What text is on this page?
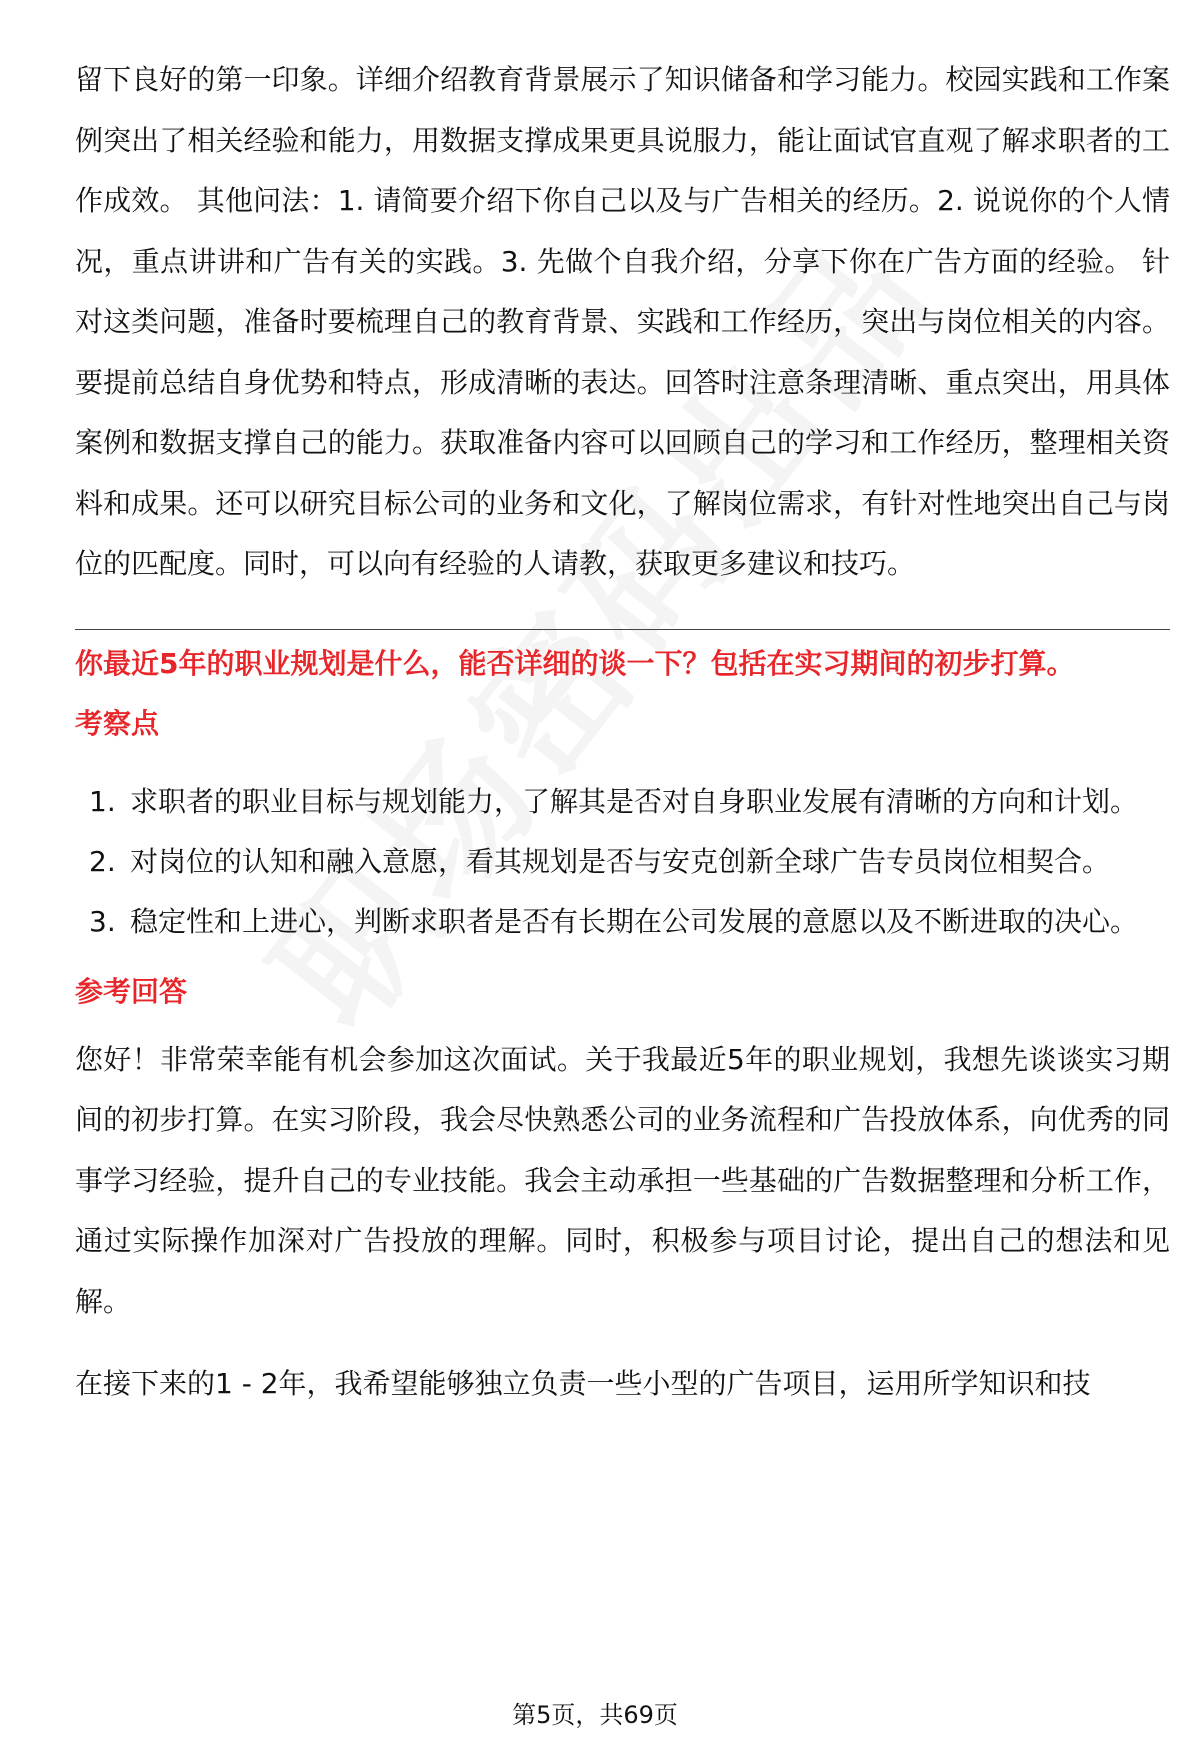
留下良好的第一印象。详细介绍教育背景展示了知识储备和学习能力。校园实践和工作案例突出了相关经验和能力，用数据支撑成果更具说服力，能让面试官直观了解求职者的工作成效。 其他问法：1. 请简要介绍下你自己以及与广告相关的经历。2. 说说你的个人情况，重点讲讲和广告有关的实践。3. 先做个自我介绍，分享下你在广告方面的经验。 针对这类问题，准备时要梳理自己的教育背景、实践和工作经历，突出与岗位相关的内容。要提前总结自身优势和特点，形成清晰的表达。回答时注意条理清晰、重点突出，用具体案例和数据支撑自己的能力。获取准备内容可以回顾自己的学习和工作经历，整理相关资料和成果。还可以研究目标公司的业务和文化，了解岗位需求，有针对性地突出自己与岗位的匹配度。同时，可以向有经验的人请教，获取更多建议和技巧。

你最近5年的职业规划是什么，能否详细的谈一下？包括在实习期间的初步打算。

考察点

1. 求职者的职业目标与规划能力，了解其是否对自身职业发展有清晰的方向和计划。
2. 对岗位的认知和融入意愿，看其规划是否与安克创新全球广告专员岗位相契合。
3. 稳定性和上进心，判断求职者是否有长期在公司发展的意愿以及不断进取的决心。

参考回答

您好！非常荣幸能有机会参加这次面试。关于我最近5年的职业规划，我想先谈谈实习期间的初步打算。在实习阶段，我会尽快熟悉公司的业务流程和广告投放体系，向优秀的同事学习经验，提升自己的专业技能。我会主动承担一些基础的广告数据整理和分析工作，通过实际操作加深对广告投放的理解。同时，积极参与项目讨论，提出自己的想法和见解。

在接下来的1 - 2年，我希望能够独立负责一些小型的广告项目，运用所学知识和技

第5页，共69页
